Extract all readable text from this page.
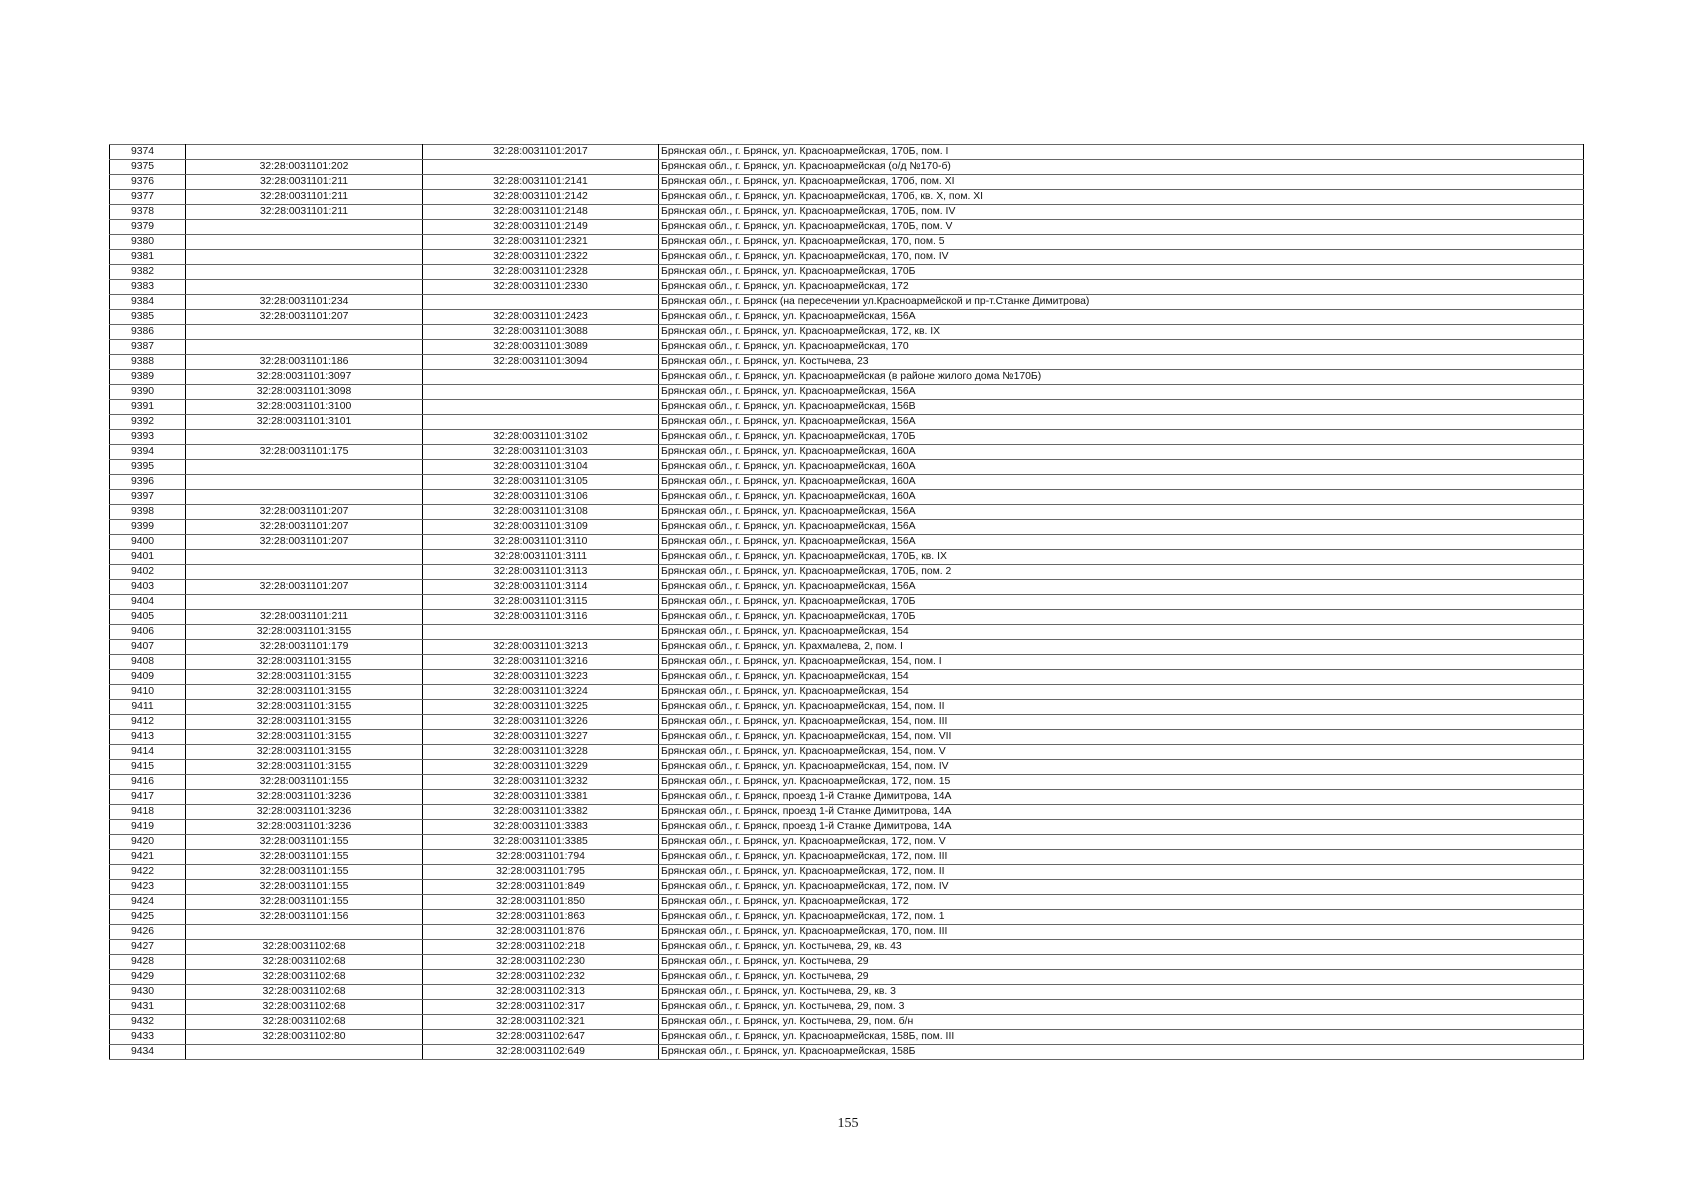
9374		32:28:0031101:2017	Брянская обл., г. Брянск, ул. Красноармейская, 170Б, пом. I
9375	32:28:0031101:202		Брянская обл., г. Брянск, ул. Красноармейская (о/д №170-б)
9376	32:28:0031101:211	32:28:0031101:2141	Брянская обл., г. Брянск, ул. Красноармейская, 170б, пом. XI
9377	32:28:0031101:211	32:28:0031101:2142	Брянская обл., г. Брянск, ул. Красноармейская, 170б, кв. X, пом. XI
9378	32:28:0031101:211	32:28:0031101:2148	Брянская обл., г. Брянск, ул. Красноармейская, 170Б, пом. IV
9379		32:28:0031101:2149	Брянская обл., г. Брянск, ул. Красноармейская, 170Б, пом. V
9380		32:28:0031101:2321	Брянская обл., г. Брянск, ул. Красноармейская, 170, пом. 5
9381		32:28:0031101:2322	Брянская обл., г. Брянск, ул. Красноармейская, 170, пом. IV
9382		32:28:0031101:2328	Брянская обл., г. Брянск, ул. Красноармейская, 170Б
9383		32:28:0031101:2330	Брянская обл., г. Брянск, ул. Красноармейская, 172
9384	32:28:0031101:234		Брянская обл., г. Брянск (на пересечении ул.Красноармейской и пр-т.Станке Димитрова)
9385	32:28:0031101:207	32:28:0031101:2423	Брянская обл., г. Брянск, ул. Красноармейская, 156А
9386		32:28:0031101:3088	Брянская обл., г. Брянск, ул. Красноармейская, 172, кв. IX
9387		32:28:0031101:3089	Брянская обл., г. Брянск, ул. Красноармейская, 170
9388	32:28:0031101:186	32:28:0031101:3094	Брянская обл., г. Брянск, ул. Костычева, 23
9389	32:28:0031101:3097		Брянская обл., г. Брянск, ул. Красноармейская (в районе жилого дома №170Б)
9390	32:28:0031101:3098		Брянская обл., г. Брянск, ул. Красноармейская, 156А
9391	32:28:0031101:3100		Брянская обл., г. Брянск, ул. Красноармейская, 156В
9392	32:28:0031101:3101		Брянская обл., г. Брянск, ул. Красноармейская, 156А
9393		32:28:0031101:3102	Брянская обл., г. Брянск, ул. Красноармейская, 170Б
9394	32:28:0031101:175	32:28:0031101:3103	Брянская обл., г. Брянск, ул. Красноармейская, 160А
9395		32:28:0031101:3104	Брянская обл., г. Брянск, ул. Красноармейская, 160А
9396		32:28:0031101:3105	Брянская обл., г. Брянск, ул. Красноармейская, 160А
9397		32:28:0031101:3106	Брянская обл., г. Брянск, ул. Красноармейская, 160А
9398	32:28:0031101:207	32:28:0031101:3108	Брянская обл., г. Брянск, ул. Красноармейская, 156А
9399	32:28:0031101:207	32:28:0031101:3109	Брянская обл., г. Брянск, ул. Красноармейская, 156А
9400	32:28:0031101:207	32:28:0031101:3110	Брянская обл., г. Брянск, ул. Красноармейская, 156А
9401		32:28:0031101:3111	Брянская обл., г. Брянск, ул. Красноармейская, 170Б, кв. IX
9402		32:28:0031101:3113	Брянская обл., г. Брянск, ул. Красноармейская, 170Б, пом. 2
9403	32:28:0031101:207	32:28:0031101:3114	Брянская обл., г. Брянск, ул. Красноармейская, 156А
9404		32:28:0031101:3115	Брянская обл., г. Брянск, ул. Красноармейская, 170Б
9405	32:28:0031101:211	32:28:0031101:3116	Брянская обл., г. Брянск, ул. Красноармейская, 170Б
9406	32:28:0031101:3155		Брянская обл., г. Брянск, ул. Красноармейская, 154
9407	32:28:0031101:179	32:28:0031101:3213	Брянская обл., г. Брянск, ул. Крахмалева, 2, пом. I
9408	32:28:0031101:3155	32:28:0031101:3216	Брянская обл., г. Брянск, ул. Красноармейская, 154, пом. I
9409	32:28:0031101:3155	32:28:0031101:3223	Брянская обл., г. Брянск, ул. Красноармейская, 154
9410	32:28:0031101:3155	32:28:0031101:3224	Брянская обл., г. Брянск, ул. Красноармейская, 154
9411	32:28:0031101:3155	32:28:0031101:3225	Брянская обл., г. Брянск, ул. Красноармейская, 154, пом. II
9412	32:28:0031101:3155	32:28:0031101:3226	Брянская обл., г. Брянск, ул. Красноармейская, 154, пом. III
9413	32:28:0031101:3155	32:28:0031101:3227	Брянская обл., г. Брянск, ул. Красноармейская, 154, пом. VII
9414	32:28:0031101:3155	32:28:0031101:3228	Брянская обл., г. Брянск, ул. Красноармейская, 154, пом. V
9415	32:28:0031101:3155	32:28:0031101:3229	Брянская обл., г. Брянск, ул. Красноармейская, 154, пом. IV
9416	32:28:0031101:155	32:28:0031101:3232	Брянская обл., г. Брянск, ул. Красноармейская, 172, пом. 15
9417	32:28:0031101:3236	32:28:0031101:3381	Брянская обл., г. Брянск, проезд 1-й Станке Димитрова, 14А
9418	32:28:0031101:3236	32:28:0031101:3382	Брянская обл., г. Брянск, проезд 1-й Станке Димитрова, 14А
9419	32:28:0031101:3236	32:28:0031101:3383	Брянская обл., г. Брянск, проезд 1-й Станке Димитрова, 14А
9420	32:28:0031101:155	32:28:0031101:3385	Брянская обл., г. Брянск, ул. Красноармейская, 172, пом. V
9421	32:28:0031101:155	32:28:0031101:794	Брянская обл., г. Брянск, ул. Красноармейская, 172, пом. III
9422	32:28:0031101:155	32:28:0031101:795	Брянская обл., г. Брянск, ул. Красноармейская, 172, пом. II
9423	32:28:0031101:155	32:28:0031101:849	Брянская обл., г. Брянск, ул. Красноармейская, 172, пом. IV
9424	32:28:0031101:155	32:28:0031101:850	Брянская обл., г. Брянск, ул. Красноармейская, 172
9425	32:28:0031101:156	32:28:0031101:863	Брянская обл., г. Брянск, ул. Красноармейская, 172, пом. 1
9426		32:28:0031101:876	Брянская обл., г. Брянск, ул. Красноармейская, 170, пом. III
9427	32:28:0031102:68	32:28:0031102:218	Брянская обл., г. Брянск, ул. Костычева, 29, кв. 43
9428	32:28:0031102:68	32:28:0031102:230	Брянская обл., г. Брянск, ул. Костычева, 29
9429	32:28:0031102:68	32:28:0031102:232	Брянская обл., г. Брянск, ул. Костычева, 29
9430	32:28:0031102:68	32:28:0031102:313	Брянская обл., г. Брянск, ул. Костычева, 29, кв. 3
9431	32:28:0031102:68	32:28:0031102:317	Брянская обл., г. Брянск, ул. Костычева, 29, пом. 3
9432	32:28:0031102:68	32:28:0031102:321	Брянская обл., г. Брянск, ул. Костычева, 29, пом. б/н
9433	32:28:0031102:80	32:28:0031102:647	Брянская обл., г. Брянск, ул. Красноармейская, 158Б, пом. III
9434		32:28:0031102:649	Брянская обл., г. Брянск, ул. Красноармейская, 158Б
155
